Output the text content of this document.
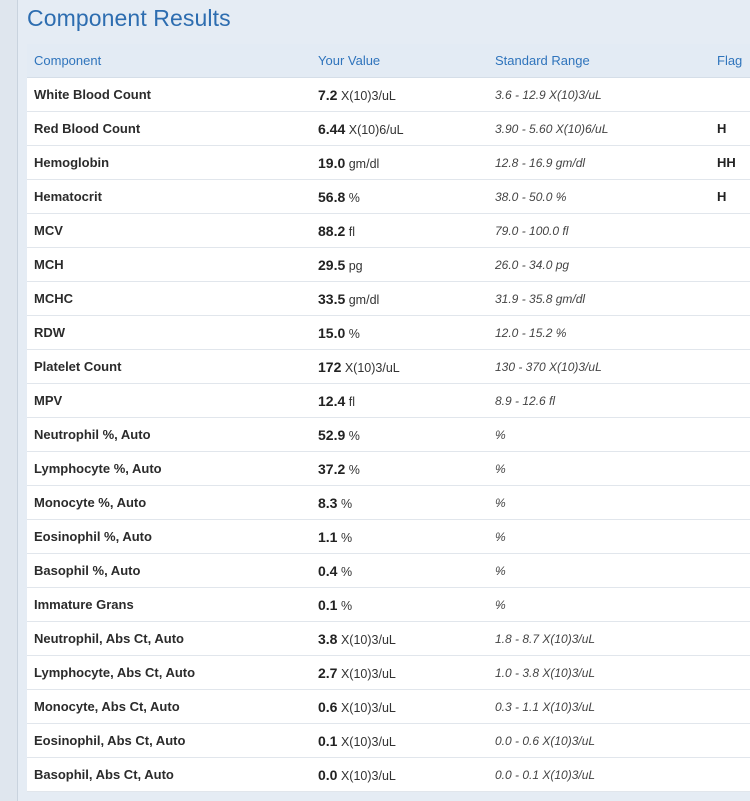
Component Results
Component	Your Value	Standard Range	Flag
White Blood Count	7.2 X(10)3/uL	3.6 - 12.9 X(10)3/uL
Red Blood Count	6.44 X(10)6/uL	3.90 - 5.60 X(10)6/uL	H
Hemoglobin	19.0 gm/dl	12.8 - 16.9 gm/dl	HH
Hematocrit	56.8 %	38.0 - 50.0 %	H
MCV	88.2 fl	79.0 - 100.0 fl
MCH	29.5 pg	26.0 - 34.0 pg
MCHC	33.5 gm/dl	31.9 - 35.8 gm/dl
RDW	15.0 %	12.0 - 15.2 %
Platelet Count	172 X(10)3/uL	130 - 370 X(10)3/uL
MPV	12.4 fl	8.9 - 12.6 fl
Neutrophil %, Auto	52.9 %	%
Lymphocyte %, Auto	37.2 %	%
Monocyte %, Auto	8.3 %	%
Eosinophil %, Auto	1.1 %	%
Basophil %, Auto	0.4 %	%
Immature Grans	0.1 %	%
Neutrophil, Abs Ct, Auto	3.8 X(10)3/uL	1.8 - 8.7 X(10)3/uL
Lymphocyte, Abs Ct, Auto	2.7 X(10)3/uL	1.0 - 3.8 X(10)3/uL
Monocyte, Abs Ct, Auto	0.6 X(10)3/uL	0.3 - 1.1 X(10)3/uL
Eosinophil, Abs Ct, Auto	0.1 X(10)3/uL	0.0 - 0.6 X(10)3/uL
Basophil, Abs Ct, Auto	0.0 X(10)3/uL	0.0 - 0.1 X(10)3/uL
